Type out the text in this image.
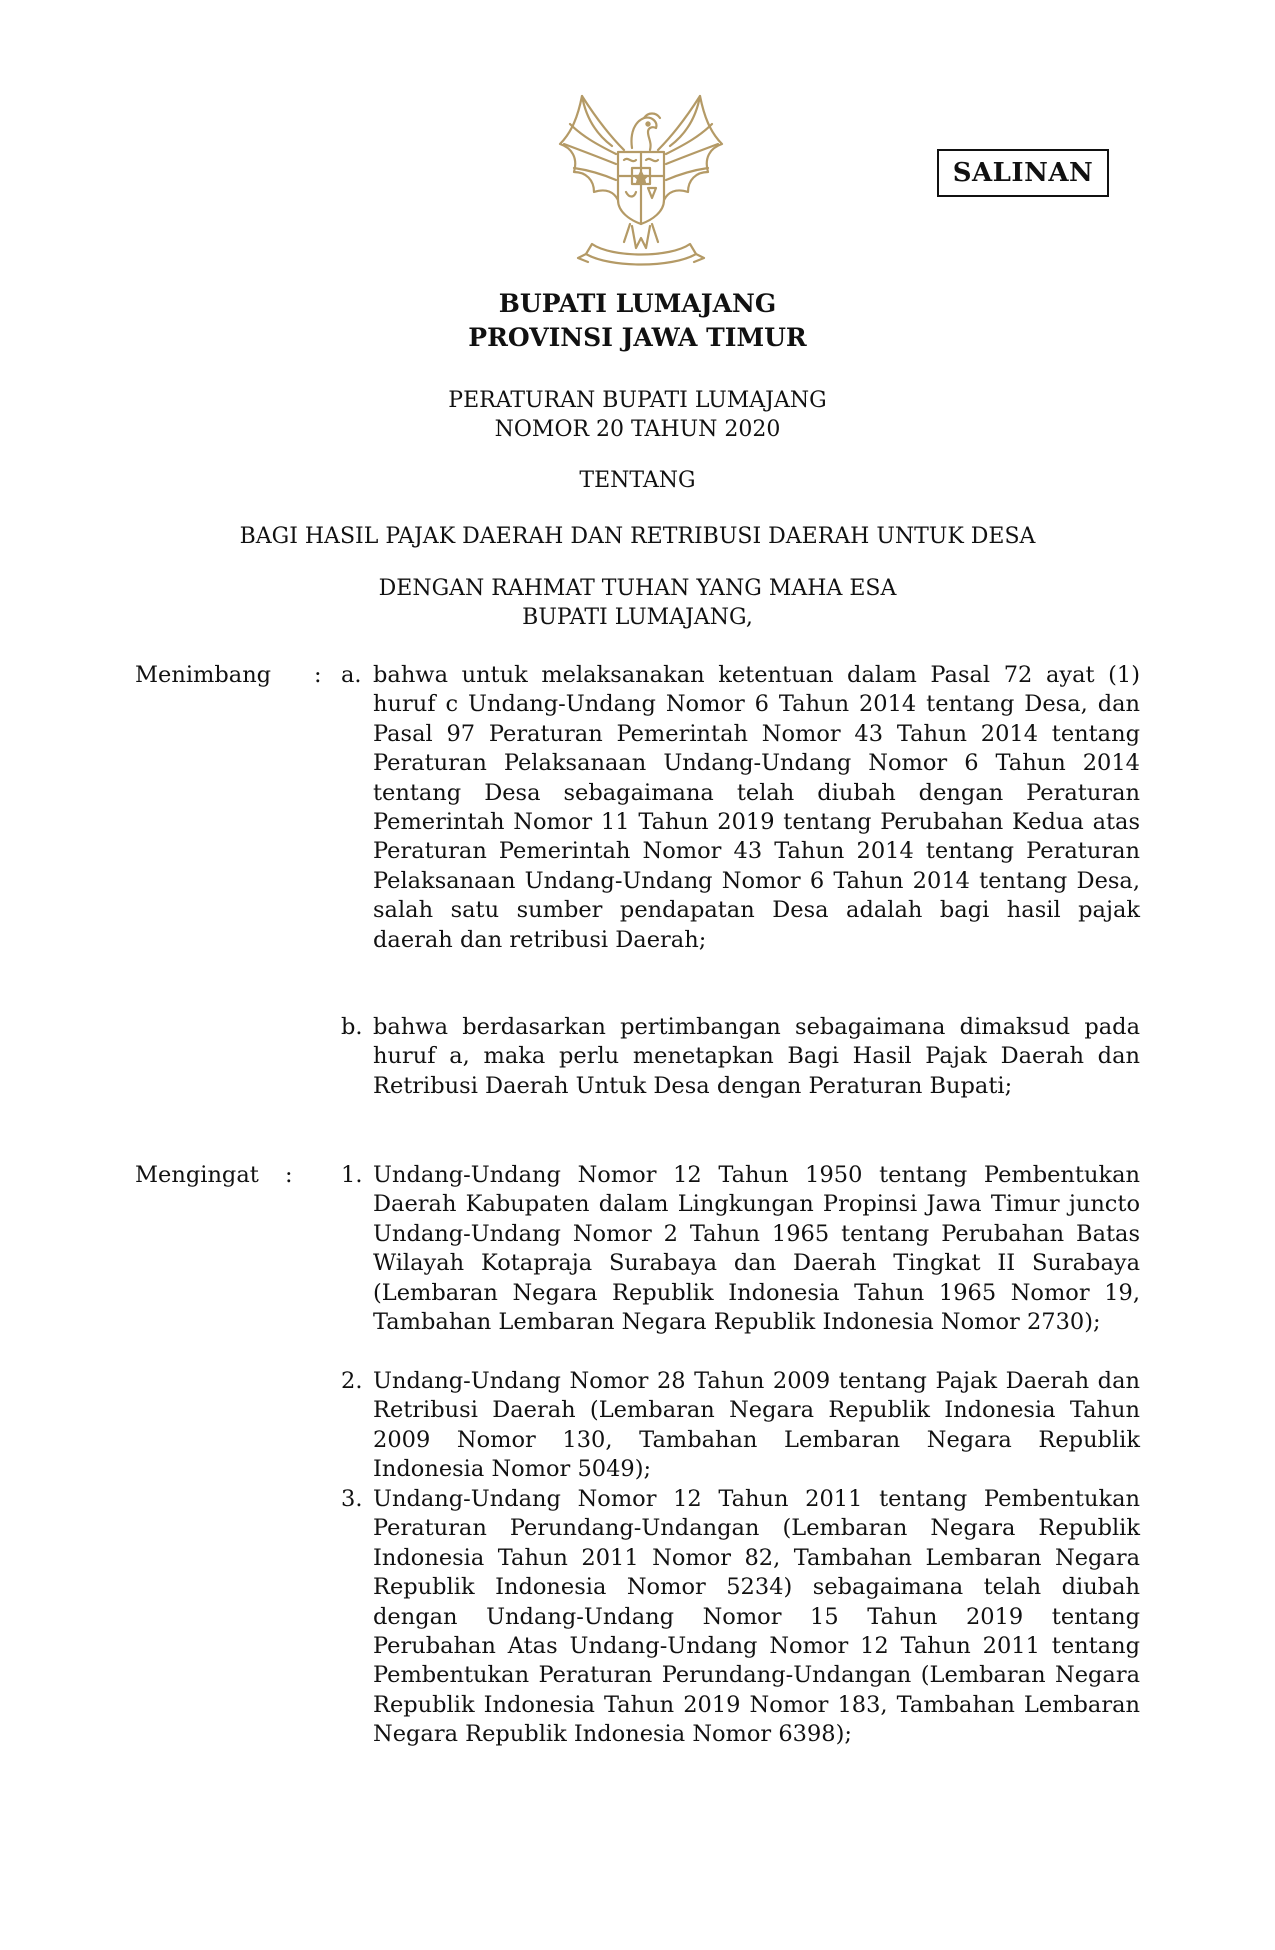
SALINAN
BUPATI LUMAJANG
PROVINSI JAWA TIMUR
PERATURAN BUPATI LUMAJANG
NOMOR 20 TAHUN 2020
TENTANG
BAGI HASIL PAJAK DAERAH DAN RETRIBUSI DAERAH UNTUK DESA
DENGAN RAHMAT TUHAN YANG MAHA ESA
BUPATI LUMAJANG,
Menimbang : a. bahwa untuk melaksanakan ketentuan dalam Pasal 72 ayat (1) huruf c Undang-Undang Nomor 6 Tahun 2014 tentang Desa, dan Pasal 97 Peraturan Pemerintah Nomor 43 Tahun 2014 tentang Peraturan Pelaksanaan Undang-Undang Nomor 6 Tahun 2014 tentang Desa sebagaimana telah diubah dengan Peraturan Pemerintah Nomor 11 Tahun 2019 tentang Perubahan Kedua atas Peraturan Pemerintah Nomor 43 Tahun 2014 tentang Peraturan Pelaksanaan Undang-Undang Nomor 6 Tahun 2014 tentang Desa, salah satu sumber pendapatan Desa adalah bagi hasil pajak daerah dan retribusi Daerah;
b. bahwa berdasarkan pertimbangan sebagaimana dimaksud pada huruf a, maka perlu menetapkan Bagi Hasil Pajak Daerah dan Retribusi Daerah Untuk Desa dengan Peraturan Bupati;
Mengingat : 1. Undang-Undang Nomor 12 Tahun 1950 tentang Pembentukan Daerah Kabupaten dalam Lingkungan Propinsi Jawa Timur juncto Undang-Undang Nomor 2 Tahun 1965 tentang Perubahan Batas Wilayah Kotapraja Surabaya dan Daerah Tingkat II Surabaya (Lembaran Negara Republik Indonesia Tahun 1965 Nomor 19, Tambahan Lembaran Negara Republik Indonesia Nomor 2730);
2. Undang-Undang Nomor 28 Tahun 2009 tentang Pajak Daerah dan Retribusi Daerah (Lembaran Negara Republik Indonesia Tahun 2009 Nomor 130, Tambahan Lembaran Negara Republik Indonesia Nomor 5049);
3. Undang-Undang Nomor 12 Tahun 2011 tentang Pembentukan Peraturan Perundang-Undangan (Lembaran Negara Republik Indonesia Tahun 2011 Nomor 82, Tambahan Lembaran Negara Republik Indonesia Nomor 5234) sebagaimana telah diubah dengan Undang-Undang Nomor 15 Tahun 2019 tentang Perubahan Atas Undang-Undang Nomor 12 Tahun 2011 tentang Pembentukan Peraturan Perundang-Undangan (Lembaran Negara Republik Indonesia Tahun 2019 Nomor 183, Tambahan Lembaran Negara Republik Indonesia Nomor 6398);
